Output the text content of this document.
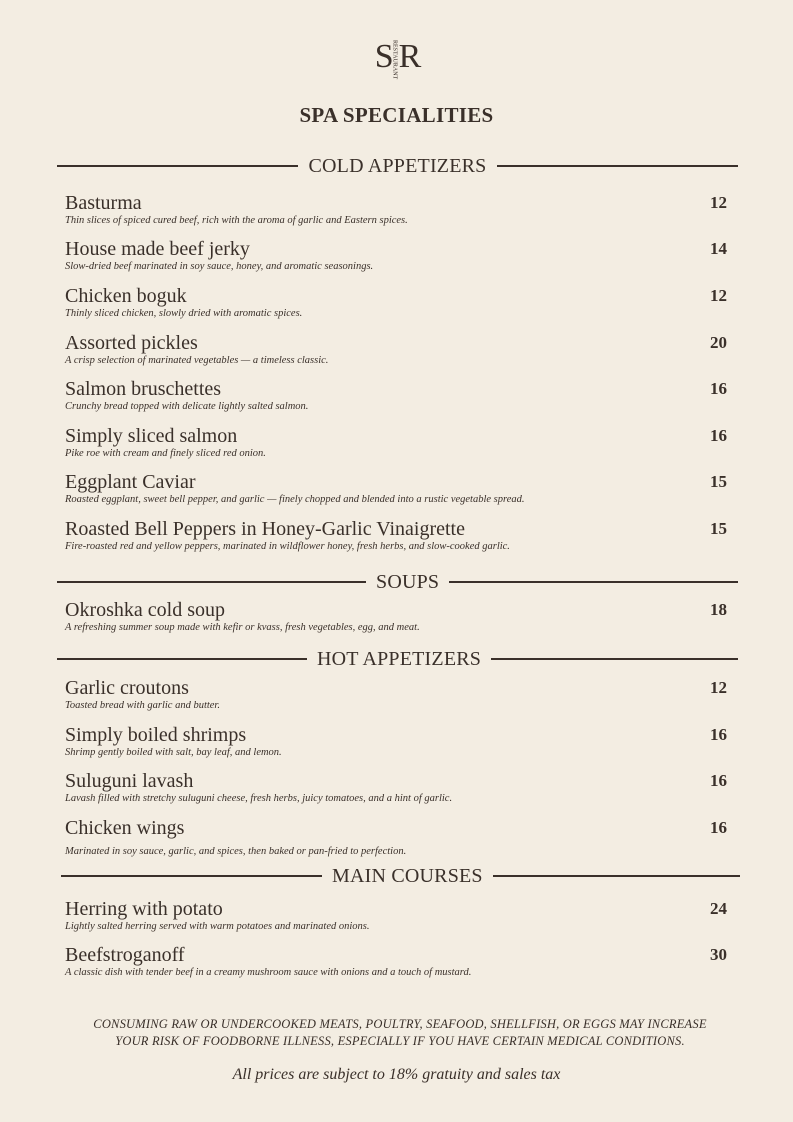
SRESTAURANTR
SPA SPECIALITIES
COLD APPETIZERS
SOUPS
HOT APPETIZERS
MAIN COURSES
Basturma
Thin slices of spiced cured beef, rich with the aroma of garlic and Eastern spices.
12
House made beef jerky
Slow-dried beef marinated in soy sauce, honey, and aromatic seasonings.
14
Chicken boguk
Thinly sliced chicken, slowly dried with aromatic spices.
12
Assorted pickles
A crisp selection of marinated vegetables — a timeless classic.
20
Salmon bruschettes
Crunchy bread topped with delicate lightly salted salmon.
16
Simply sliced salmon
Pike roe with cream and finely sliced red onion.
16
Eggplant Caviar
Roasted eggplant, sweet bell pepper, and garlic — finely chopped and blended into a rustic vegetable spread.
15
Roasted Bell Peppers in Honey-Garlic Vinaigrette
Fire-roasted red and yellow peppers, marinated in wildflower honey, fresh herbs, and slow-cooked garlic.
15
Okroshka cold soup
A refreshing summer soup made with kefir or kvass, fresh vegetables, egg, and meat.
18
Garlic croutons
Toasted bread with garlic and butter.
12
Simply boiled shrimps
Shrimp gently boiled with salt, bay leaf, and lemon.
16
Suluguni lavash
Lavash filled with stretchy suluguni cheese, fresh herbs, juicy tomatoes, and a hint of garlic.
16
Chicken wings
Marinated in soy sauce, garlic, and spices, then baked or pan-fried to perfection.
16
Herring with potato
Lightly salted herring served with warm potatoes and marinated onions.
24
Beefstroganoff
A classic dish with tender beef in a creamy mushroom sauce with onions and a touch of mustard.
30
CONSUMING RAW OR UNDERCOOKED MEATS, POULTRY, SEAFOOD, SHELLFISH, OR EGGS MAY INCREASE
YOUR RISK OF FOODBORNE ILLNESS, ESPECIALLY IF YOU HAVE CERTAIN MEDICAL CONDITIONS.
All prices are subject to 18% gratuity and sales tax
